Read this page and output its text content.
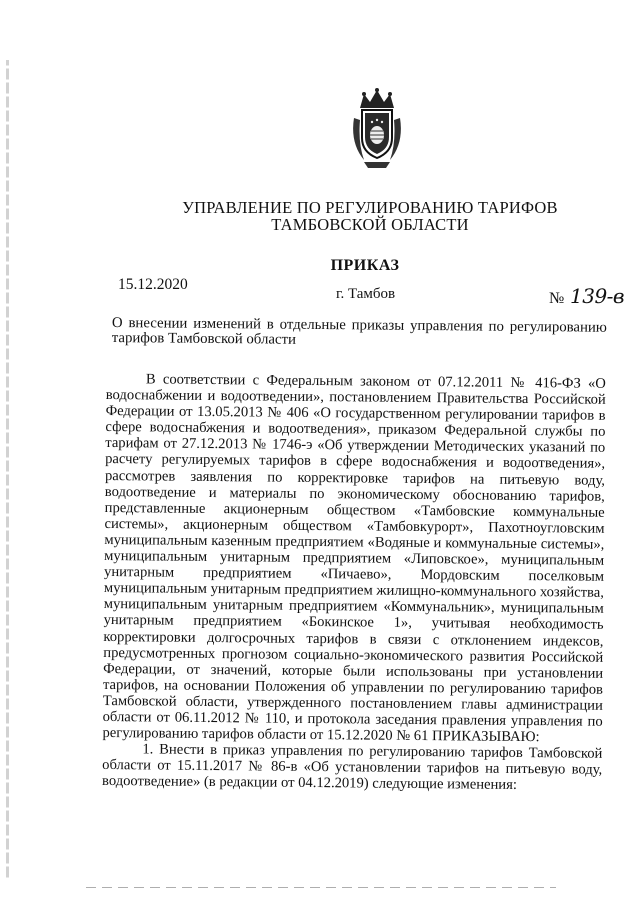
УПРАВЛЕНИЕ ПО РЕГУЛИРОВАНИЮ ТАРИФОВ
ТАМБОВСКОЙ ОБЛАСТИ
ПРИКАЗ
15.12.2020
г. Тамбов	№ 139-в
О внесении изменений в отдельные приказы управления по регулированию тарифов Тамбовской области

В соответствии с Федеральным законом от 07.12.2011 № 416-ФЗ «О водоснабжении и водоотведении», постановлением Правительства Российской Федерации от 13.05.2013 № 406 «О государственном регулировании тарифов в сфере водоснабжения и водоотведения», приказом Федеральной службы по тарифам от 27.12.2013 № 1746-э «Об утверждении Методических указаний по расчету регулируемых тарифов в сфере водоснабжения и водоотведения», рассмотрев заявления по корректировке тарифов на питьевую воду, водоотведение и материалы по экономическому обоснованию тарифов, представленные акционерным обществом «Тамбовские коммунальные системы», акционерным обществом «Тамбовкурорт», Пахотноугловским муниципальным казенным предприятием «Водяные и коммунальные системы», муниципальным унитарным предприятием «Липовское», муниципальным унитарным предприятием «Пичаево», Мордовским поселковым муниципальным унитарным предприятием жилищно-коммунального хозяйства, муниципальным унитарным предприятием «Коммунальник», муниципальным унитарным предприятием «Бокинское 1», учитывая необходимость корректировки долгосрочных тарифов в связи с отклонением индексов, предусмотренных прогнозом социально-экономического развития Российской Федерации, от значений, которые были использованы при установлении тарифов, на основании Положения об управлении по регулированию тарифов Тамбовской области, утвержденного постановлением главы администрации области от 06.11.2012 № 110, и протокола заседания правления управления по регулированию тарифов области от 15.12.2020 № 61 ПРИКАЗЫВАЮ:

1. Внести в приказ управления по регулированию тарифов Тамбовской области от 15.11.2017 № 86-в «Об установлении тарифов на питьевую воду, водоотведение» (в редакции от 04.12.2019) следующие изменения:
